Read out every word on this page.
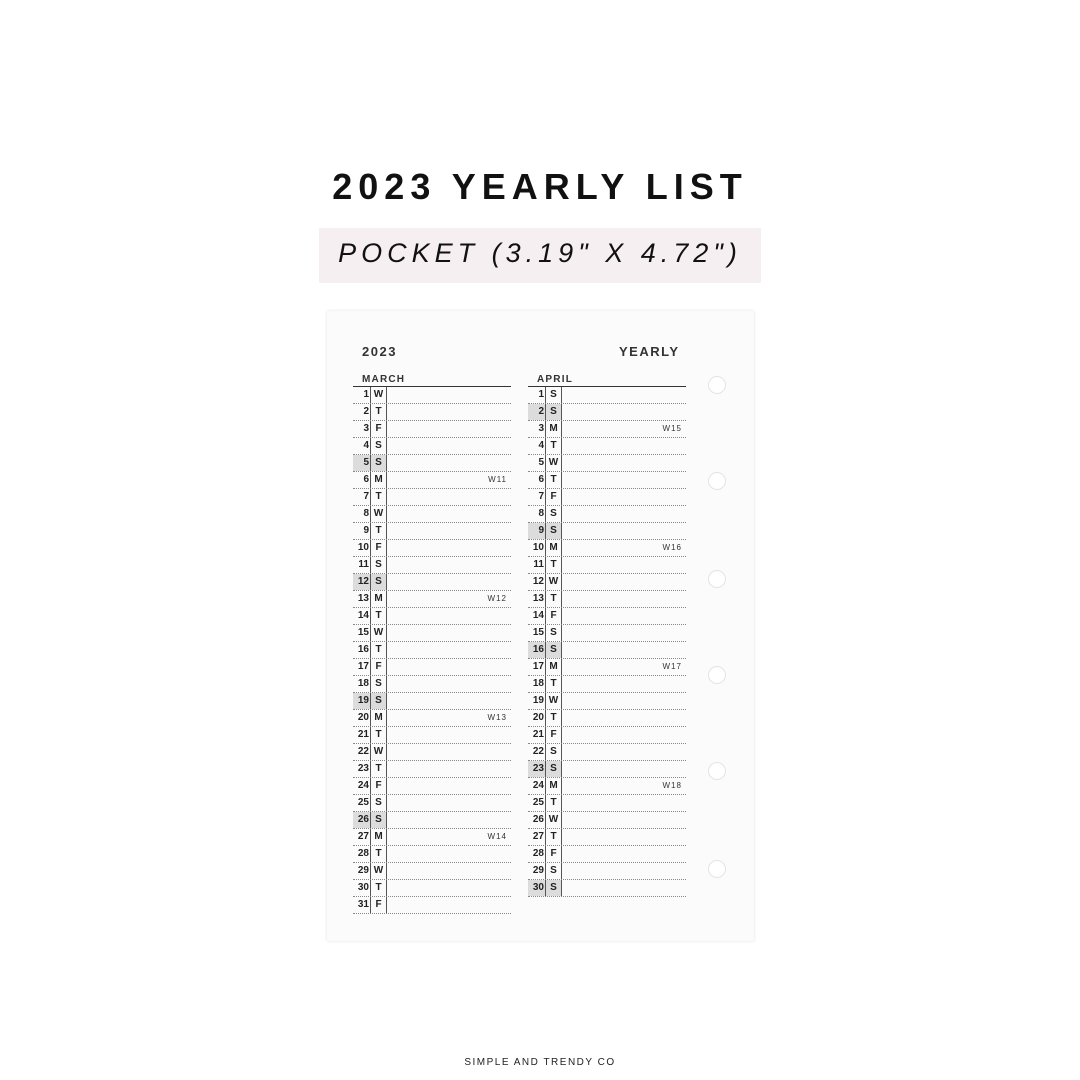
2023 YEARLY LIST
POCKET (3.19" X 4.72")
2023	YEARLY
MARCH
1 W
2 T
3 F
4 S
5 S
6 M	W11
7 T
8 W
9 T
10 F
11 S
12 S
13 M	W12
14 T
15 W
16 T
17 F
18 S
19 S
20 M	W13
21 T
22 W
23 T
24 F
25 S
26 S
27 M	W14
28 T
29 W
30 T
31 F
APRIL
1 S
2 S
3 M	W15
4 T
5 W
6 T
7 F
8 S
9 S
10 M	W16
11 T
12 W
13 T
14 F
15 S
16 S
17 M	W17
18 T
19 W
20 T
21 F
22 S
23 S
24 M	W18
25 T
26 W
27 T
28 F
29 S
30 S
SIMPLE AND TRENDY CO
